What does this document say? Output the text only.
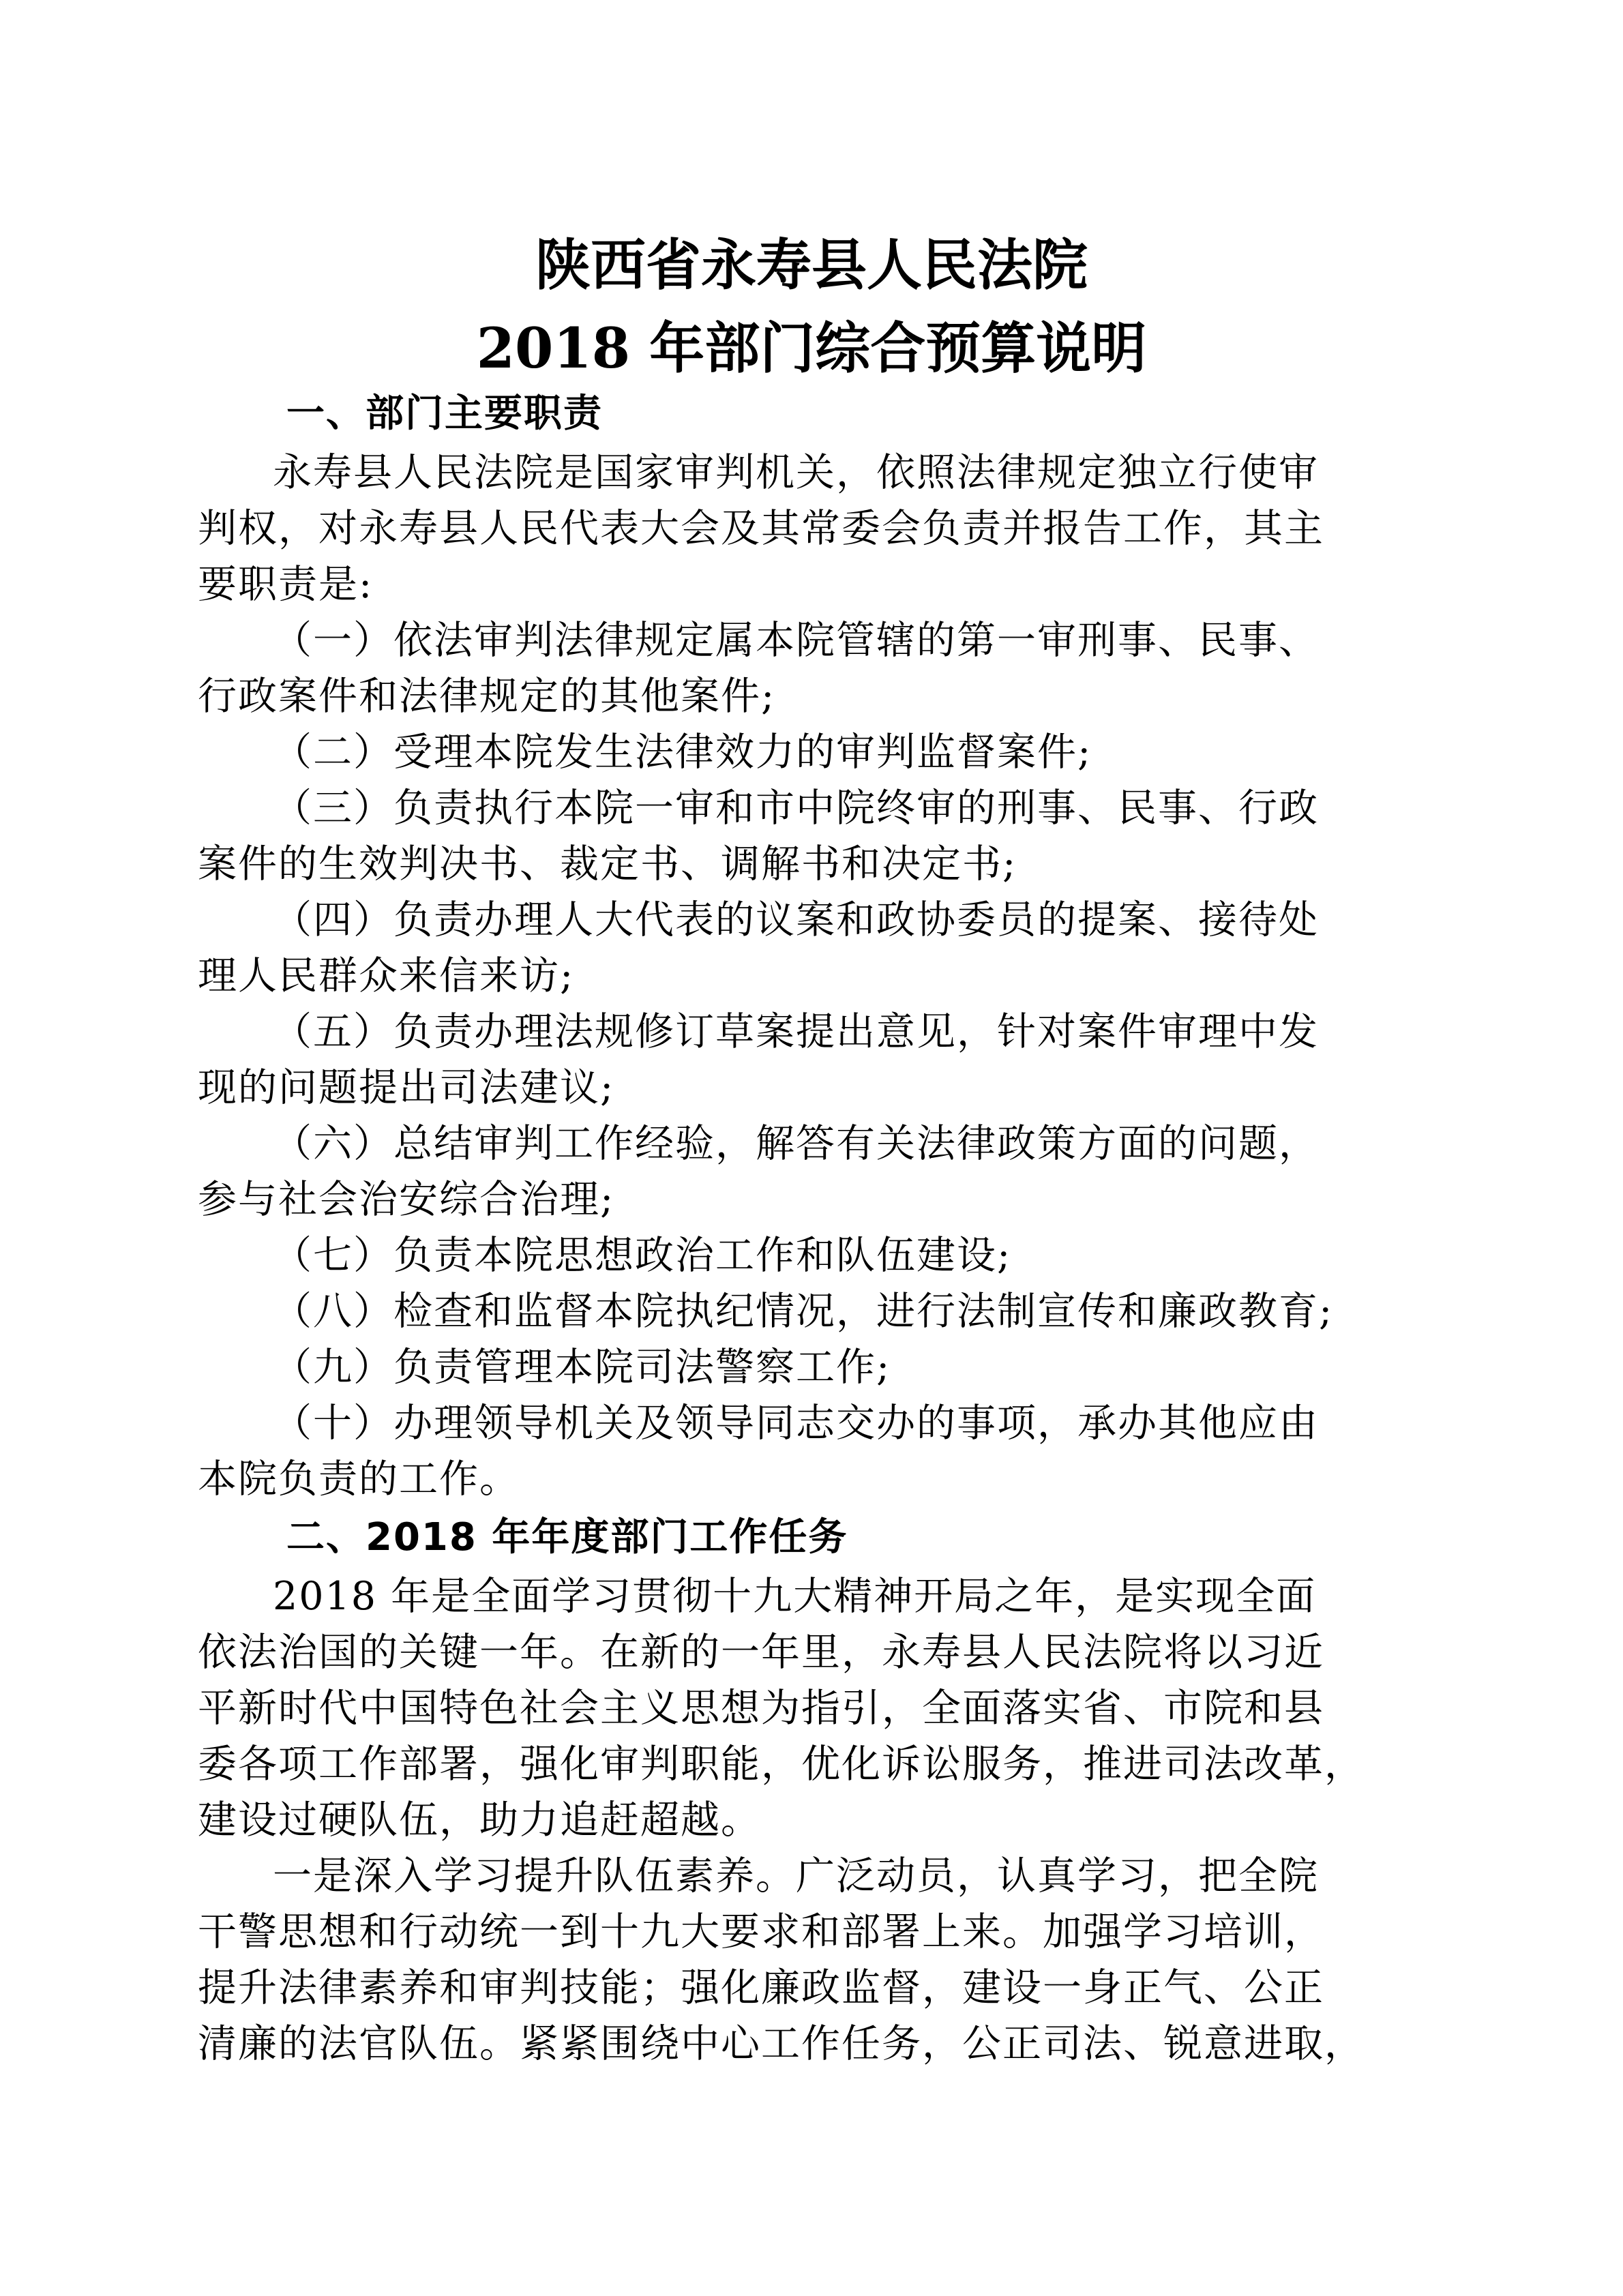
陕西省永寿县人民法院
2018 年部门综合预算说明
一、部门主要职责
永寿县人民法院是国家审判机关，依照法律规定独立行使审
判权，对永寿县人民代表大会及其常委会负责并报告工作，其主
要职责是:
（一）依法审判法律规定属本院管辖的第一审刑事、民事、
行政案件和法律规定的其他案件;
（二）受理本院发生法律效力的审判监督案件;
（三）负责执行本院一审和市中院终审的刑事、民事、行政
案件的生效判决书、裁定书、调解书和决定书;
（四）负责办理人大代表的议案和政协委员的提案、接待处
理人民群众来信来访;
（五）负责办理法规修订草案提出意见，针对案件审理中发
现的问题提出司法建议;
（六）总结审判工作经验，解答有关法律政策方面的问题，
参与社会治安综合治理;
（七）负责本院思想政治工作和队伍建设;
（八）检查和监督本院执纪情况，进行法制宣传和廉政教育;
（九）负责管理本院司法警察工作;
（十）办理领导机关及领导同志交办的事项，承办其他应由
本院负责的工作。
二、2018 年年度部门工作任务
2018 年是全面学习贯彻十九大精神开局之年，是实现全面
依法治国的关键一年。在新的一年里，永寿县人民法院将以习近
平新时代中国特色社会主义思想为指引，全面落实省、市院和县
委各项工作部署，强化审判职能，优化诉讼服务，推进司法改革，
建设过硬队伍，助力追赶超越。
一是深入学习提升队伍素养。广泛动员，认真学习，把全院
干警思想和行动统一到十九大要求和部署上来。加强学习培训，
提升法律素养和审判技能；强化廉政监督，建设一身正气、公正
清廉的法官队伍。紧紧围绕中心工作任务，公正司法、锐意进取，
